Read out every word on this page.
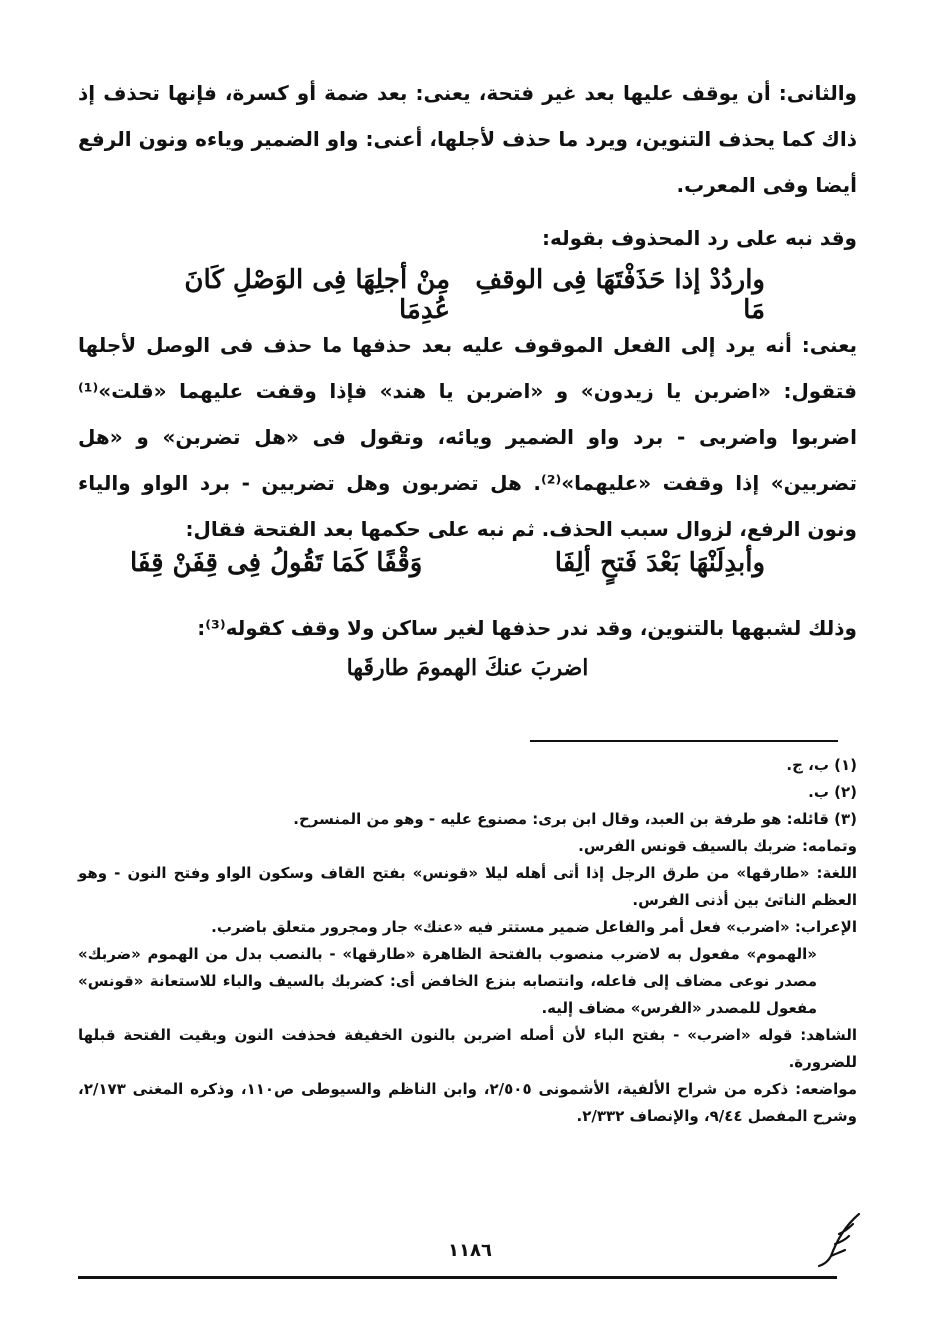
والثانى: أن يوقف عليها بعد غير فتحة، يعنى: بعد ضمة أو كسرة، فإنها تحذف إذ ذاك كما يحذف التنوين، ويرد ما حذف لأجلها، أعنى: واو الضمير وياءه ونون الرفع أيضا وفى المعرب.

وقد نبه على رد المحذوف بقوله:

واردُدْ إذا حَذَفْتَهَا فِى الوقفِ مَا
مِنْ أجلِهَا فِى الوَصْلِ كَانَ عُدِمَا

يعنى: أنه يرد إلى الفعل الموقوف عليه بعد حذفها ما حذف فى الوصل لأجلها فتقول: «اضربن يا زيدون» و «اضربن يا هند» فإذا وقفت عليهما «قلت»⁽¹⁾ اضربوا واضربى - برد واو الضمير ويائه، وتقول فى «هل تضربن» و «هل تضربين» إذا وقفت «عليهما»⁽²⁾. هل تضربون وهل تضربين - برد الواو والياء ونون الرفع، لزوال سبب الحذف. ثم نبه على حكمها بعد الفتحة فقال:

وأبدِلَنْهَا بَعْدَ فَتحٍ ألِفَا
وَقْفًا كَمَا تَقُولُ فِى قِفَنْ قِفَا

وذلك لشبهها بالتنوين، وقد ندر حذفها لغير ساكن ولا وقف كقوله⁽³⁾:

اضربَ عنكَ الهمومَ طارقَها

(١) ب، ج.

(٢) ب.

(٣) قائله: هو طرفة بن العبد، وقال ابن برى: مصنوع عليه - وهو من المنسرح.

وتمامه: ضربك بالسيف قونس الفرس.

اللغة: «طارقها» من طرق الرجل إذا أتى أهله ليلا «قونس» بفتح القاف وسكون الواو وفتح النون - وهو العظم الناتئ بين أذنى الفرس.

الإعراب: «اضرب» فعل أمر والفاعل ضمير مستتر فيه «عنك» جار ومجرور متعلق باضرب.

«الهموم» مفعول به لاضرب منصوب بالفتحة الظاهرة «طارقها» - بالنصب بدل من الهموم «ضربك» مصدر نوعى مضاف إلى فاعله، وانتصابه بنزع الخافض أى: كضربك بالسيف والباء للاستعانة «قونس» مفعول للمصدر «الفرس» مضاف إليه.

الشاهد: قوله «اضرب» - بفتح الباء لأن أصله اضربن بالنون الخفيفة فحذفت النون وبقيت الفتحة قبلها للضرورة.

مواضعه: ذكره من شراح الألفية، الأشمونى ٢/٥٠٥، وابن الناظم والسيوطى ص١١٠، وذكره المغنى ٢/١٧٣، وشرح المفصل ٩/٤٤، والإنصاف ٢/٣٣٢.

١١٨٦
